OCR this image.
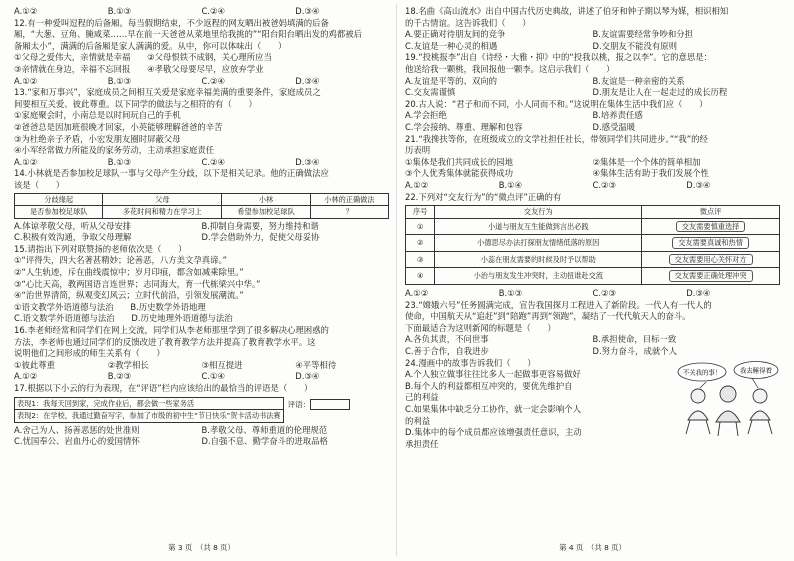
A.①②	B.①③	C.②④	D.③④
12.有一种爱叫逗程的后备厢。每当假期结束，不少返程的网友晒出被爸妈填满的后备
厢，“大葱、豆角、腌咸菜……早在前一天爸爸从菜地里给我挑的”“阳台阳台晒出发的鸡都被后
备厢太小”，满满的后备厢是家人满满的爱。从中，你可以体味出（　　）
①父母之爱伟大，亲情就是幸福　　②父母恨铁不成钢，关心理所应当
③亲情就在身边，幸福不忘回报　　④孝敬父母要尽早，应放弃学业
A.①②	B.①③	C.②④	D.③④
13.“家和万事兴”，家庭成员之间相互关爱是家庭幸福美满的重要条件，家庭成员之
间要相互关爱、彼此尊重。以下同学的做法与之相符的有（　　）
①家庭聚会时，小南总是以时间玩自己的手机
②爸爸总是因加班很晚才回家，小英能够理解爸爸的辛苦
③为杜绝亲子矛盾，小宏发朋友圈时屏蔽父母
④小军经常做力所能及的家务劳动，主动承担家庭责任
A.①②	B.①③	C.②④	D.③④
14.小林就是否参加校足球队一事与父母产生分歧，以下是相关记录。他的正确做法应
该是（　　）
分歧缘起	父母	小林	小林的正确做法
是否参加校足球队	多花时间和精力在学习上	希望参加校足球队	？
A.体谅孝敬父母，听从父母安排	B.抑制自身需要，努力维持和谐
C.积极有效沟通，争取父母理解	D.学会借助外力，促使父母妥协
15.请指出下列对联赞扬的老师依次是（　　）
①“评得失，四大名著甚精妙；论善恶，八方美文孕真谛。”
②“人生轨迹，斥在曲线震惊中；岁月印痕，都含如减乘除里。”
③“心比天高，教两国语言连世界；志同海大，育一代栋梁兴中华。”
④“治世界清简，纵观变幻风云；立时代前沿，引领发展潮流。”
①语文教学外语道德与法治　　B.历史数学外语地理
C.语文数学外语道德与法治　　D.历史地理外语道德与法治
16.李老师经常和同学们在网上交流，同学们从李老师那里学到了很多解决心理困惑的
方法，李老师也通过同学们的反馈改进了教育教学方法并提高了教育教学水平。这
说明他们之间形成的师生关系有（　　）
①彼此尊重	②教学相长	③相互提进	④平等相待
A.①②	B.②③	C.①④	D.③④
17.根据以下小云的行为表现，在“评语”栏内应该给出的最恰当的评语是（　　）
表现1：我每天回到家，完成作业后，都会做一些家务活
表现2：在学校，我通过勤奋写字，参加了市级的初中生“节日快乐”贺卡活动书法赛
评语：
A.舍己为人、扬善恶惩的处世准则	B.孝敬父母、尊师重道的伦理规范
C.忧国奉公、岩血丹心的爱国情怀	D.自强不息、勤学奋斗的进取品格
第 3 页　（共 8 页）
18.名曲《高山流水》出自中国古代历史典故，讲述了伯牙和钟子期以琴为媒，相识相知
的千古情谊。这告诉我们（　　）
A.要正确对待朋友间的竞争	B.友谊需要经常争吵和分担
C.友谊是一种心灵的相遇	D.交朋友不能没有原则
19.“投桃报李”出自《诗经・大雅・抑》中的“投我以桃，报之以李”。它的意思是：
他送给我一颗桃，我回报他一颗李。这启示我们（　　）
A.友谊是平等的、双向的	B.友谊是一种亲密的关系
C.交友需谨慎	D.朋友是让人在一起走过的成长历程
20.古人说：“君子和而不同，小人同而不和。”这说明在集体生活中我们应（　　）
A.学会拒绝	B.培养责任感
C.学会接纳、尊重、理解和包容	D.感受温暖
21.“我搀扶等你，在班级成立的文学社担任社长，带领同学们共同进步。”“我”的经
历表明
①集体是我们共同成长的园地	②集体是一个个体的简单相加
③个人优秀集体就能获得成功	④集体生活有助于我们发展个性
A.①②	B.①④	C.②③	D.③④
22.下列对“交友行为”的“微点评”正确的有
序号	交友行为	微点评
①	小道与朋友互生能做到言出必践	交友需要慎重选择
②	小德思尽办法打探朋友情绪低落的原因	交友需要真诚和热情
③	小蕊在朋友需要的时候及时予以帮助	交友需要用心关怀对方
④	小治与朋友发生冲突时，主动扭谁赴交流	交友需要正确处理冲突
A.①②	B.①③	C.②③	D.③④
23.“嫦娥六号”任务圆满完成，宣告我国探月工程进入了新阶段。一代人有一代人的
使命，中国航天从“追赶”到“陪跑”再到“领跑”，凝结了一代代航天人的奋斗。
下面最适合为这则新闻的标题是（　　）
A.各负其责，不问世事	B.承担使命，目标一致
C.善于合作，自我进步	D.努力奋斗，成就个人
24.漫画中的故事告诉我们（　　）
A.个人独立做事往往比多人一起做事更容易做好
B.每个人的利益都相互冲突的，要优先维护自
己的利益
C.如果集体中缺乏分工协作，就一定会影响个人
的利益
D.集体中的每个成员都应该增强责任意识，主动
承担责任
不关我的事！	我去睡得着
第 4 页　（共 8 页）
